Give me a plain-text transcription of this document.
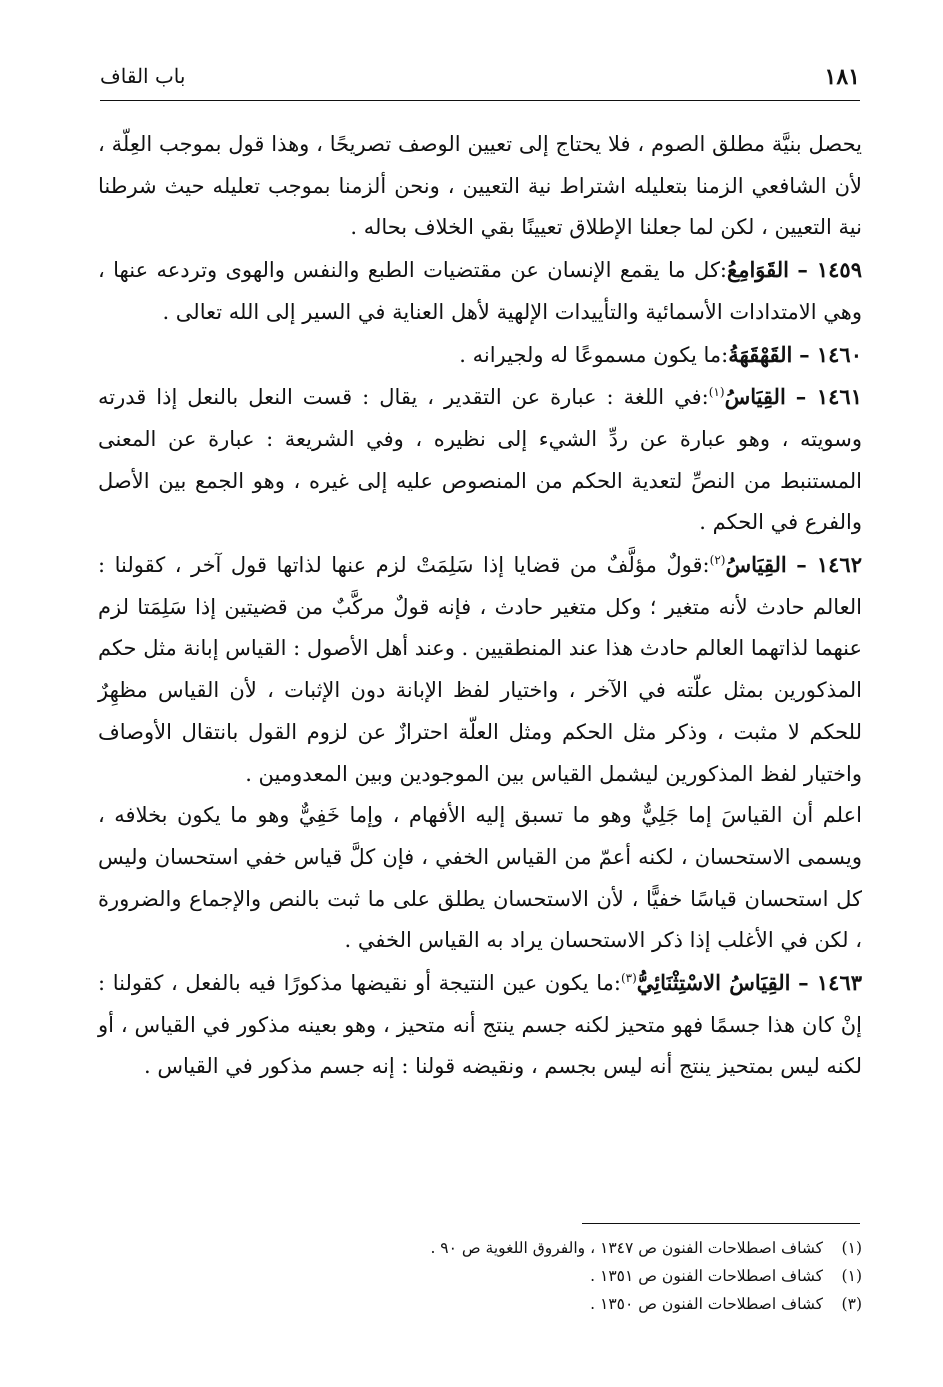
١٨١
باب القاف

يحصل بنيَّة مطلق الصوم ، فلا يحتاج إلى تعيين الوصف تصريحًا ، وهذا قول بموجب العِلّة ، لأن الشافعي الزمنا بتعليله اشتراط نية التعيين ، ونحن ألزمنا بموجب تعليله حيث شرطنا نية التعيين ، لكن لما جعلنا الإطلاق تعيينًا بقي الخلاف بحاله .

١٤٥٩ – القَوَامِعُ:كل ما يقمع الإنسان عن مقتضيات الطبع والنفس والهوى وتردعه عنها ، وهي الامتدادات الأسمائية والتأييدات الإلهية لأهل العناية في السير إلى الله تعالى .

١٤٦٠ – القَهْقَهَةُ:ما يكون مسموعًا له ولجيرانه .

١٤٦١ – القِيَاسُ$^{(١)}$:في اللغة : عبارة عن التقدير ، يقال : قست النعل بالنعل إذا قدرته وسويته ، وهو عبارة عن ردِّ الشيء إلى نظيره ، وفي الشريعة : عبارة عن المعنى المستنبط من النصِّ لتعدية الحكم من المنصوص عليه إلى غيره ، وهو الجمع بين الأصل والفرع في الحكم .

١٤٦٢ – القِيَاسُ$^{(٢)}$:قولٌ مؤلَّفٌ من قضايا إذا سَلِمَتْ لزم عنها لذاتها قول آخر ، كقولنا : العالم حادث لأنه متغير ؛ وكل متغير حادث ، فإنه قولٌ مركَّبٌ من قضيتين إذا سَلِمَتا لزم عنهما لذاتهما العالم حادث هذا عند المنطقيين . وعند أهل الأصول : القياس إبانة مثل حكم المذكورين بمثل علّته في الآخر ، واختيار لفظ الإبانة دون الإثبات ، لأن القياس مظهِرٌ للحكم لا مثبت ، وذكر مثل الحكم ومثل العلّة احترازٌ عن لزوم القول بانتقال الأوصاف واختيار لفظ المذكورين ليشمل القياس بين الموجودين وبين المعدومين .

اعلم أن القياسَ إما جَلِيٌّ وهو ما تسبق إليه الأفهام ، وإما خَفِيٌّ وهو ما يكون بخلافه ، ويسمى الاستحسان ، لكنه أعمّ من القياس الخفي ، فإن كلَّ قياس خفي استحسان وليس كل استحسان قياسًا خفيًّا ، لأن الاستحسان يطلق على ما ثبت بالنص والإجماع والضرورة ، لكن في الأغلب إذا ذكر الاستحسان يراد به القياس الخفي .

١٤٦٣ – القِيَاسُ الاسْتِثْنَائِيُّ$^{(٣)}$:ما يكون عين النتيجة أو نقيضها مذكورًا فيه بالفعل ، كقولنا : إنْ كان هذا جسمًا فهو متحيز لكنه جسم ينتج أنه متحيز ، وهو بعينه مذكور في القياس ، أو لكنه ليس بمتحيز ينتج أنه ليس بجسم ، ونقيضه قولنا : إنه جسم مذكور في القياس .

(١) كشاف اصطلاحات الفنون ص ١٣٤٧ ، والفروق اللغوية ص ٩٠ .

(١) كشاف اصطلاحات الفنون ص ١٣٥١ .

(٣) كشاف اصطلاحات الفنون ص ١٣٥٠ .
